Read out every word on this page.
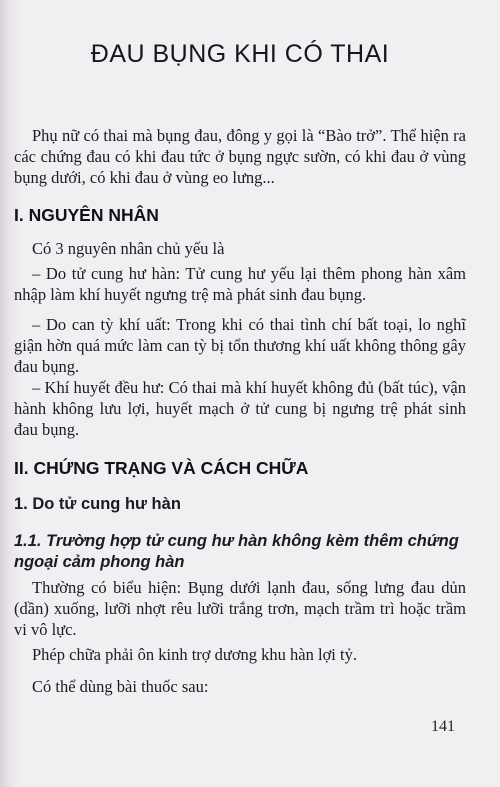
ĐAU BỤNG KHI CÓ THAI

Phụ nữ có thai mà bụng đau, đông y gọi là “Bào trở”. Thể hiện ra các chứng đau có khi đau tức ở bụng ngực sườn, có khi đau ở vùng bụng dưới, có khi đau ở vùng eo lưng...

I. NGUYÊN NHÂN

Có 3 nguyên nhân chủ yếu là

– Do tử cung hư hàn: Tử cung hư yếu lại thêm phong hàn xâm nhập làm khí huyết ngưng trệ mà phát sinh đau bụng.

– Do can tỳ khí uất: Trong khi có thai tình chí bất toại, lo nghĩ giận hờn quá mức làm can tỳ bị tổn thương khí uất không thông gây đau bụng.

– Khí huyết đều hư: Có thai mà khí huyết không đủ (bất túc), vận hành không lưu lợi, huyết mạch ở tử cung bị ngưng trệ phát sinh đau bụng.

II. CHỨNG TRẠNG VÀ CÁCH CHỮA

1. Do tử cung hư hàn

1.1. Trường hợp tử cung hư hàn không kèm thêm chứng ngoại cảm phong hàn

Thường có biểu hiện: Bụng dưới lạnh đau, sống lưng đau dủn (dần) xuống, lưỡi nhợt rêu lưỡi trắng trơn, mạch trầm trì hoặc trầm vi vô lực.

Phép chữa phải ôn kinh trợ dương khu hàn lợi tỷ.

Có thể dùng bài thuốc sau:

141
